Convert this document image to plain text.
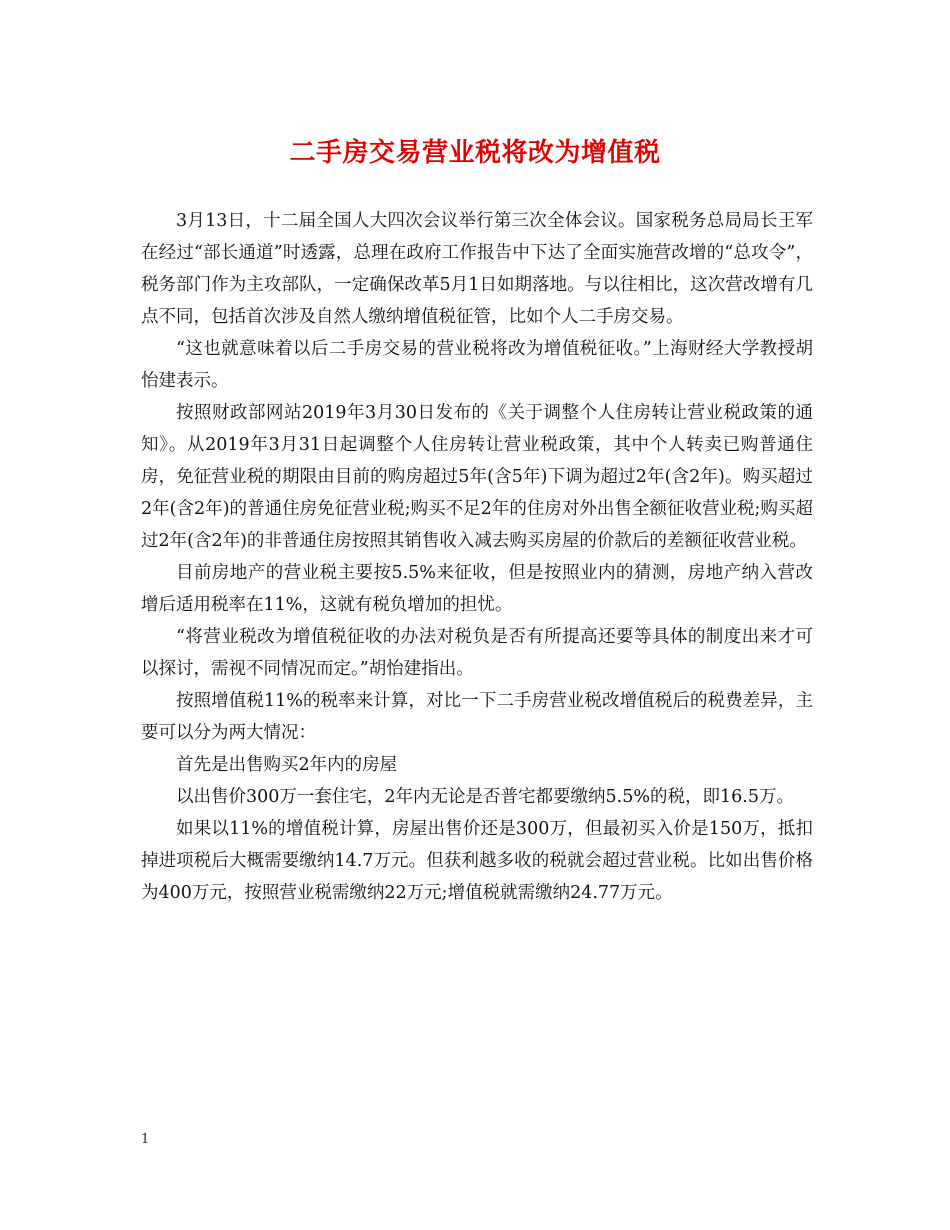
二手房交易营业税将改为增值税

3月13日，十二届全国人大四次会议举行第三次全体会议。国家税务总局局长王军在经过“部长通道”时透露，总理在政府工作报告中下达了全面实施营改增的“总攻令”，税务部门作为主攻部队，一定确保改革5月1日如期落地。与以往相比，这次营改增有几点不同，包括首次涉及自然人缴纳增值税征管，比如个人二手房交易。

“这也就意味着以后二手房交易的营业税将改为增值税征收。”上海财经大学教授胡怡建表示。

按照财政部网站2019年3月30日发布的《关于调整个人住房转让营业税政策的通知》。从2019年3月31日起调整个人住房转让营业税政策，其中个人转卖已购普通住房，免征营业税的期限由目前的购房超过5年(含5年)下调为超过2年(含2年)。购买超过2年(含2年)的普通住房免征营业税;购买不足2年的住房对外出售全额征收营业税;购买超过2年(含2年)的非普通住房按照其销售收入减去购买房屋的价款后的差额征收营业税。

目前房地产的营业税主要按5.5%来征收，但是按照业内的猜测，房地产纳入营改增后适用税率在11%，这就有税负增加的担忧。

“将营业税改为增值税征收的办法对税负是否有所提高还要等具体的制度出来才可以探讨，需视不同情况而定。”胡怡建指出。

按照增值税11%的税率来计算，对比一下二手房营业税改增值税后的税费差异，主要可以分为两大情况：

首先是出售购买2年内的房屋

以出售价300万一套住宅，2年内无论是否普宅都要缴纳5.5%的税，即16.5万。

如果以11%的增值税计算，房屋出售价还是300万，但最初买入价是150万，抵扣掉进项税后大概需要缴纳14.7万元。但获利越多收的税就会超过营业税。比如出售价格为400万元，按照营业税需缴纳22万元;增值税就需缴纳24.77万元。

1
